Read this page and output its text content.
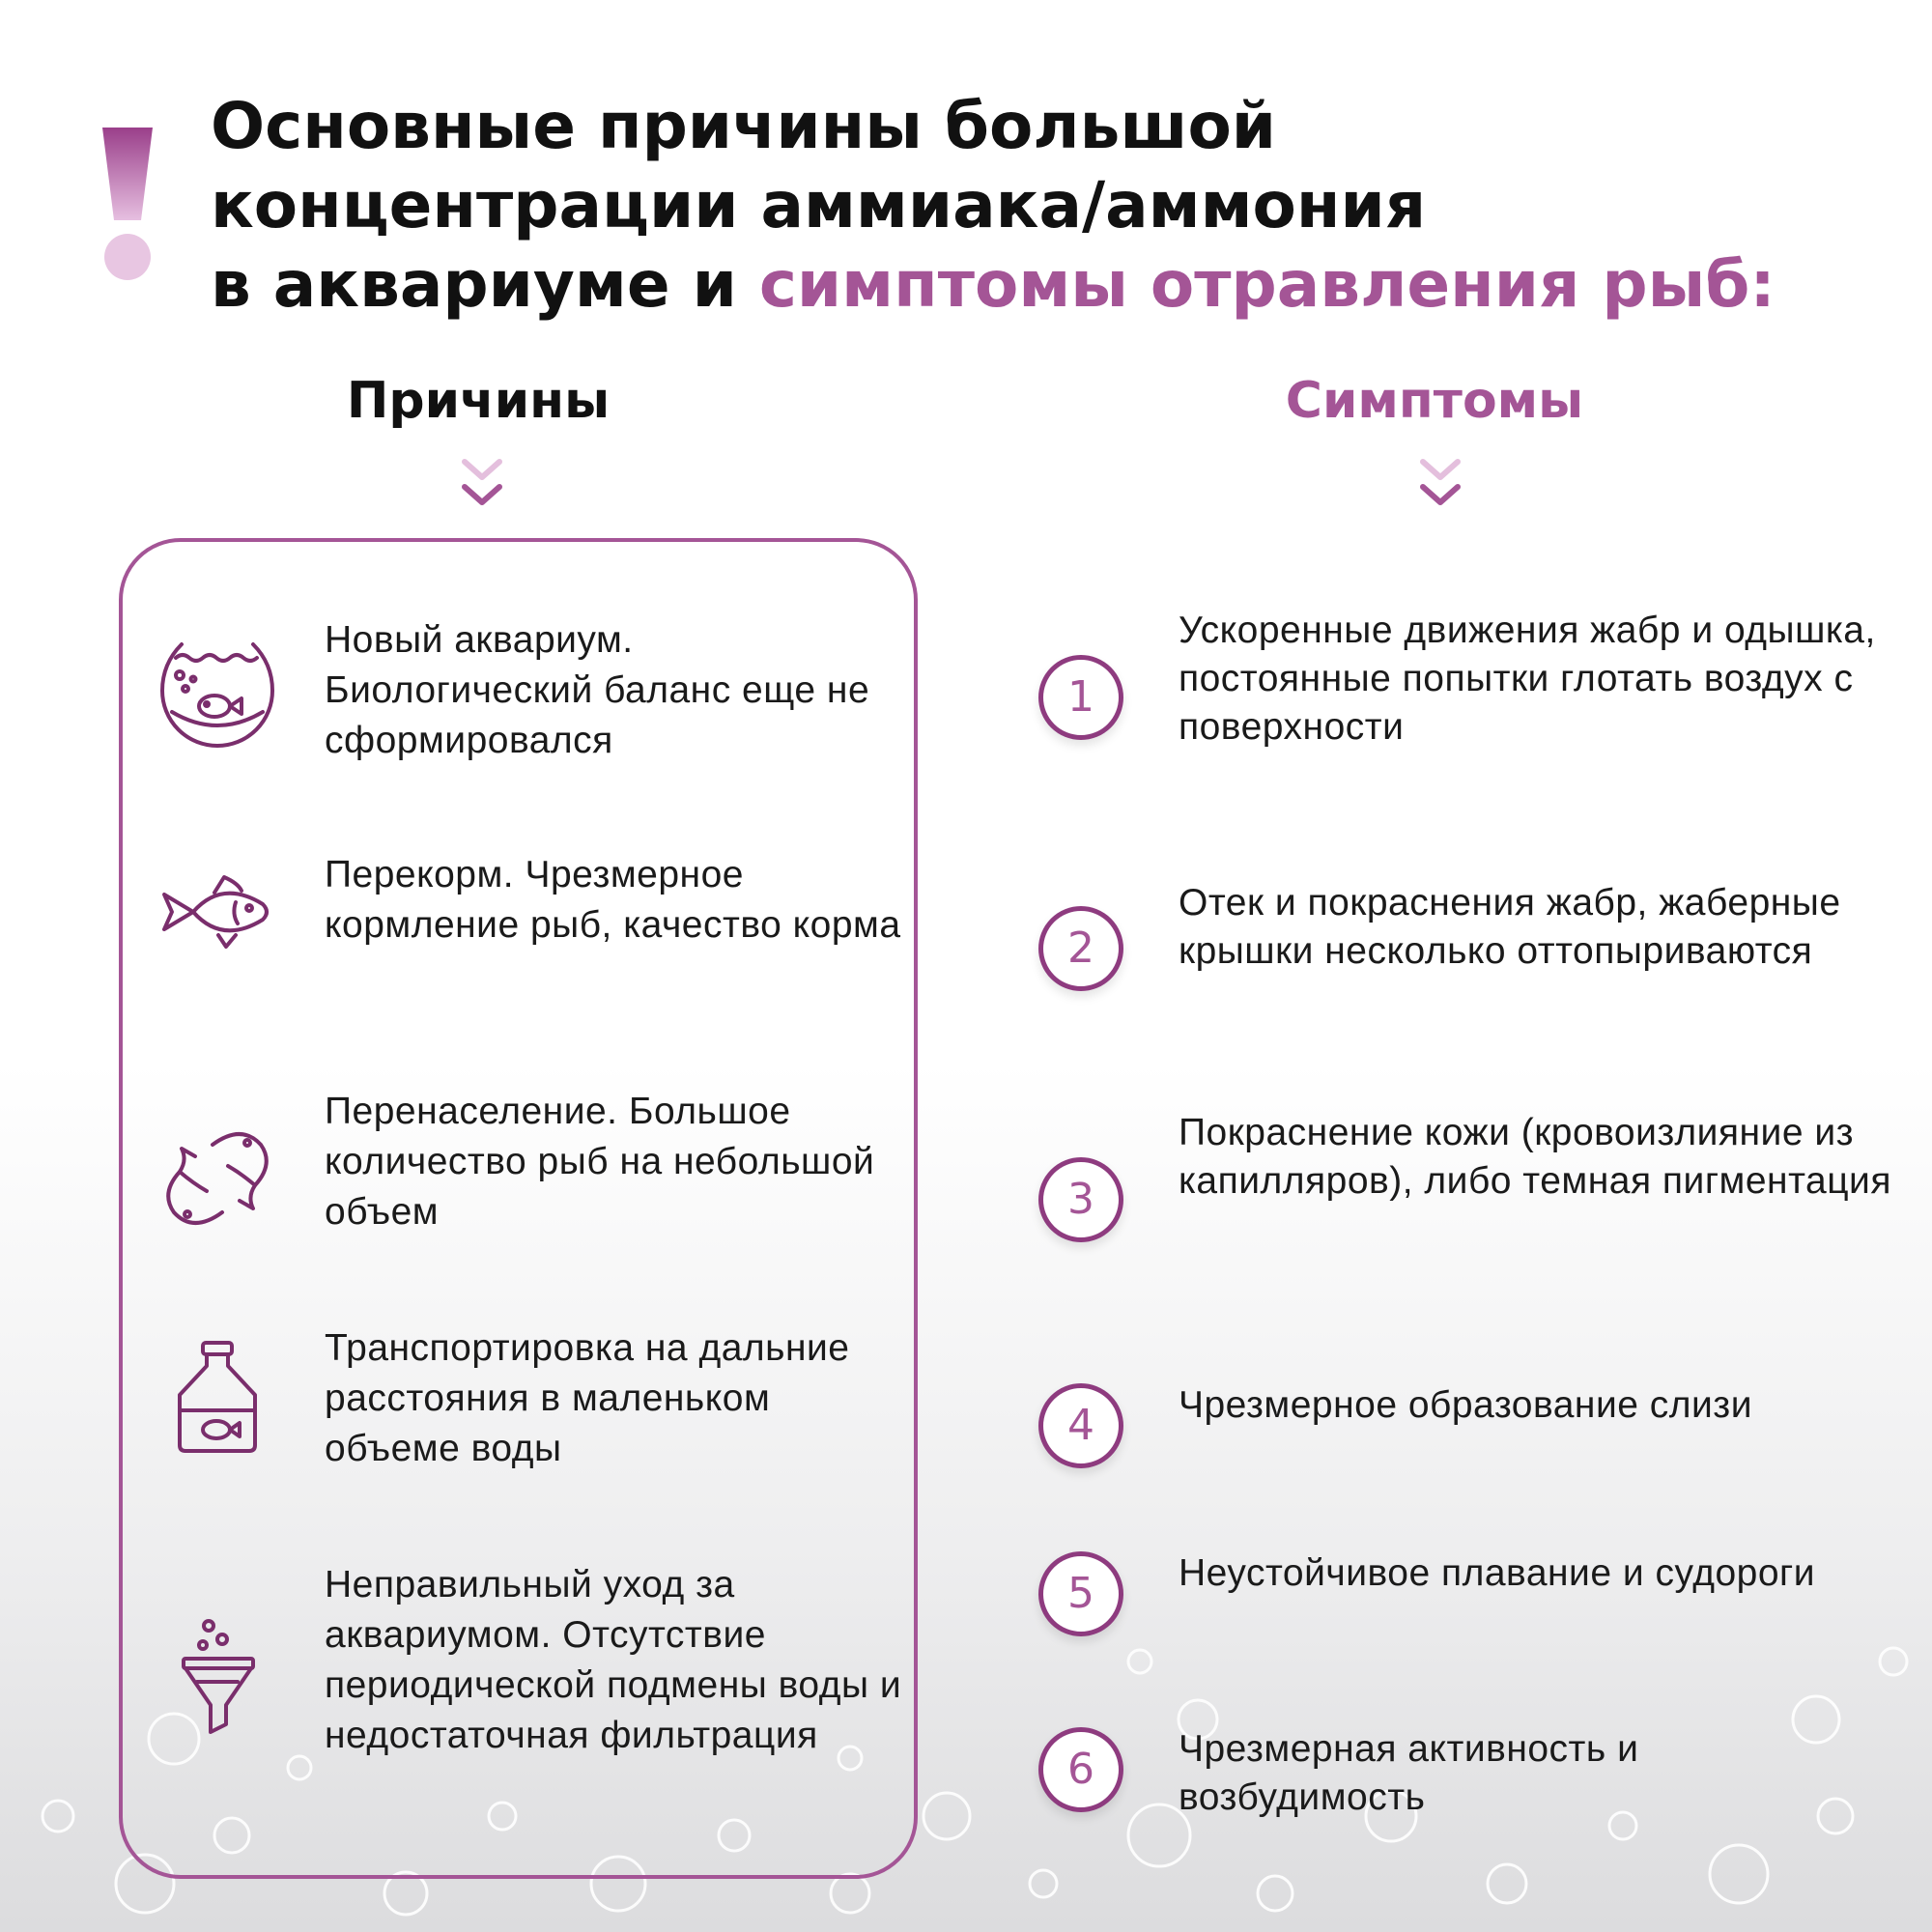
Основные причины большой
концентрации аммиака/аммония
в аквариуме и симптомы отравления рыб:
Причины	Симптомы
Новый аквариум. Биологический баланс еще не сформировался
Перекорм. Чрезмерное кормление рыб, качество корма
Перенаселение. Большое количество рыб на небольшой объем
Транспортировка на дальние расстояния в маленьком объеме воды
Неправильный уход за аквариумом. Отсутствие периодической подмены воды и недостаточная фильтрация
1
Ускоренные движения жабр и одышка, постоянные попытки глотать воздух с поверхности
2
Отек и покраснения жабр, жаберные крышки несколько оттопыриваются
3
Покраснение кожи (кровоизлияние из капилляров), либо темная пигментация
4	Чрезмерное образование слизи
5	Неустойчивое плавание и судороги
6	Чрезмерная активность и возбудимость
